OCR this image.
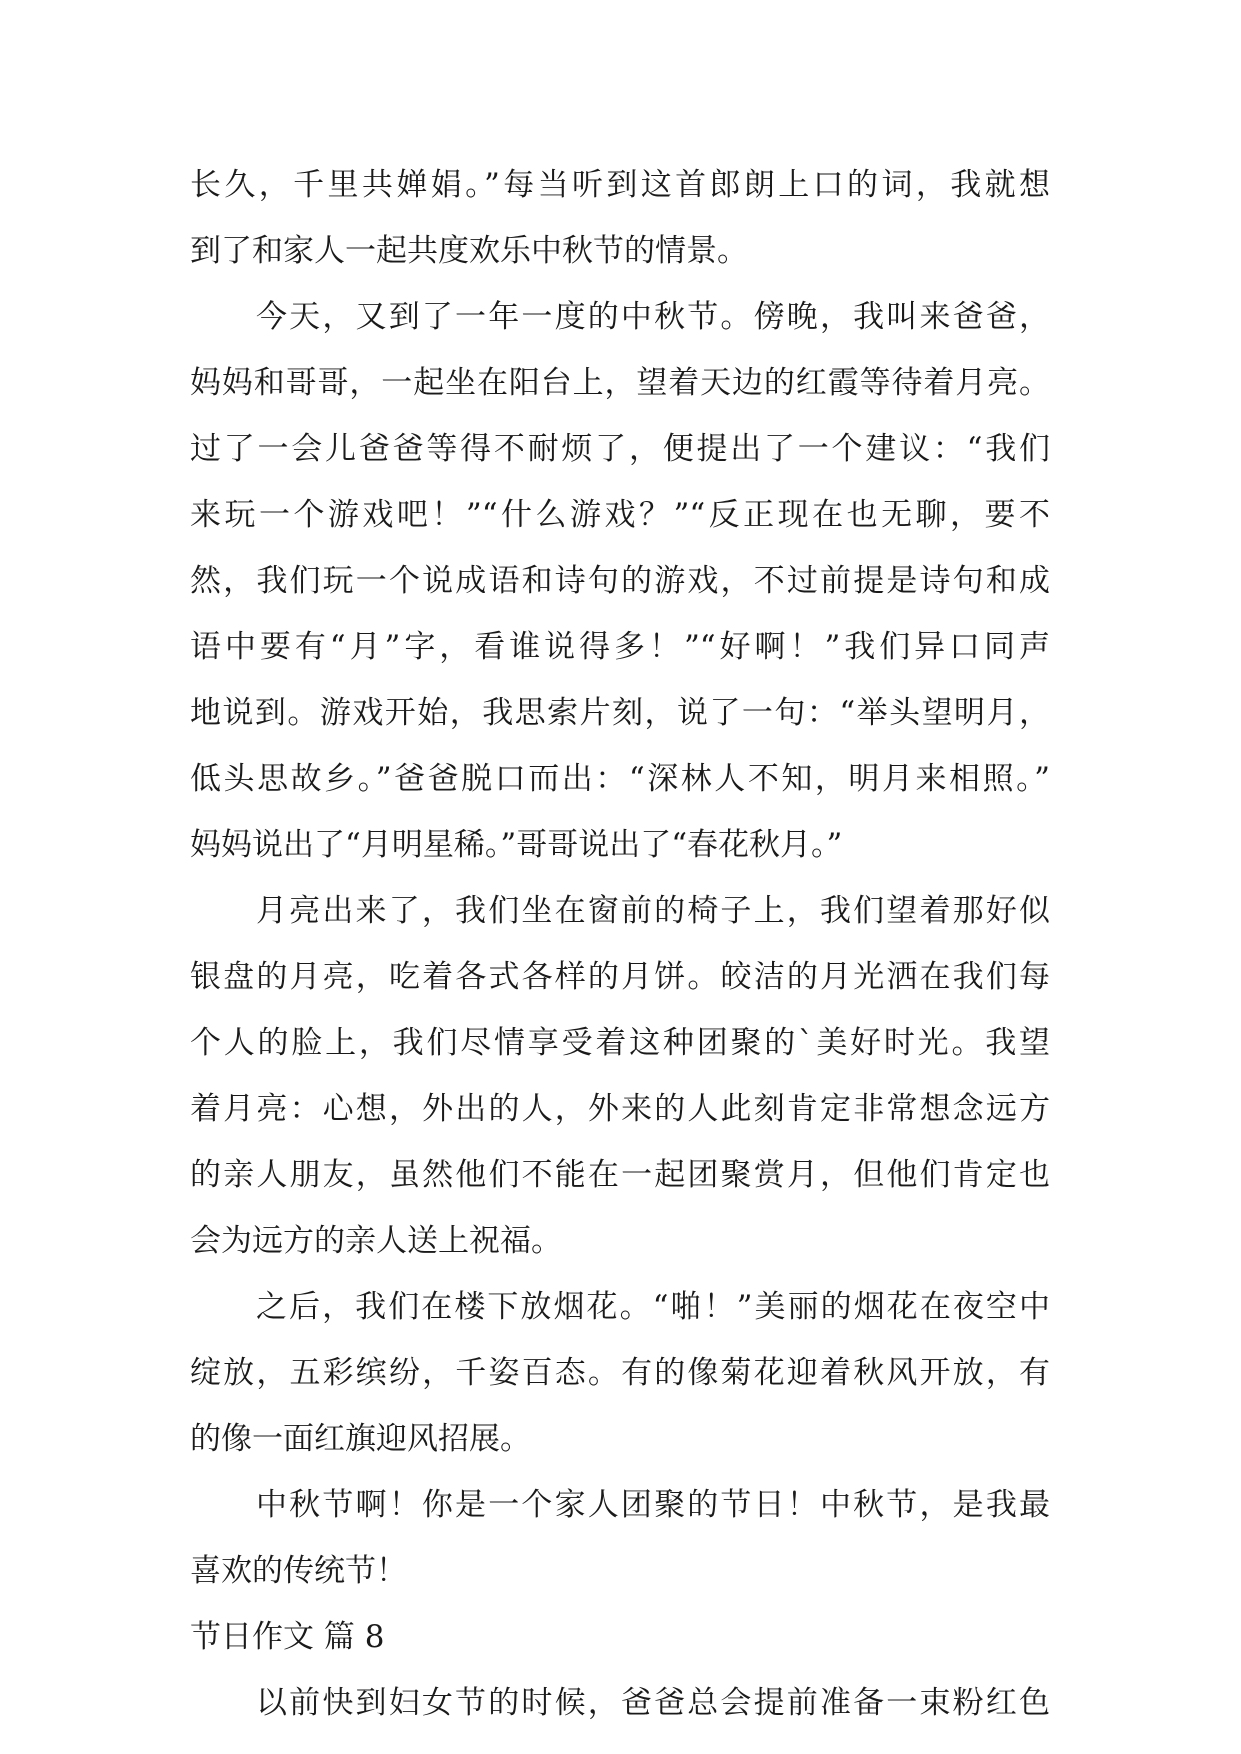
长久，千里共婵娟。”每当听到这首郎朗上口的词，我就想
到了和家人一起共度欢乐中秋节的情景。
今天，又到了一年一度的中秋节。傍晚，我叫来爸爸，
妈妈和哥哥，一起坐在阳台上，望着天边的红霞等待着月亮。
过了一会儿爸爸等得不耐烦了，便提出了一个建议：“我们
来玩一个游戏吧！”“什么游戏？”“反正现在也无聊，要不
然，我们玩一个说成语和诗句的游戏，不过前提是诗句和成
语中要有“月”字，看谁说得多！”“好啊！”我们异口同声
地说到。游戏开始，我思索片刻，说了一句：“举头望明月，
低头思故乡。”爸爸脱口而出：“深林人不知，明月来相照。”
妈妈说出了“月明星稀。”哥哥说出了“春花秋月。”
月亮出来了，我们坐在窗前的椅子上，我们望着那好似
银盘的月亮，吃着各式各样的月饼。皎洁的月光洒在我们每
个人的脸上，我们尽情享受着这种团聚的`美好时光。我望
着月亮：心想，外出的人，外来的人此刻肯定非常想念远方
的亲人朋友，虽然他们不能在一起团聚赏月，但他们肯定也
会为远方的亲人送上祝福。
之后，我们在楼下放烟花。“啪！”美丽的烟花在夜空中
绽放，五彩缤纷，千姿百态。有的像菊花迎着秋风开放，有
的像一面红旗迎风招展。
中秋节啊！你是一个家人团聚的节日！中秋节，是我最
喜欢的传统节！
节日作文 篇 8
以前快到妇女节的时候，爸爸总会提前准备一束粉红色
